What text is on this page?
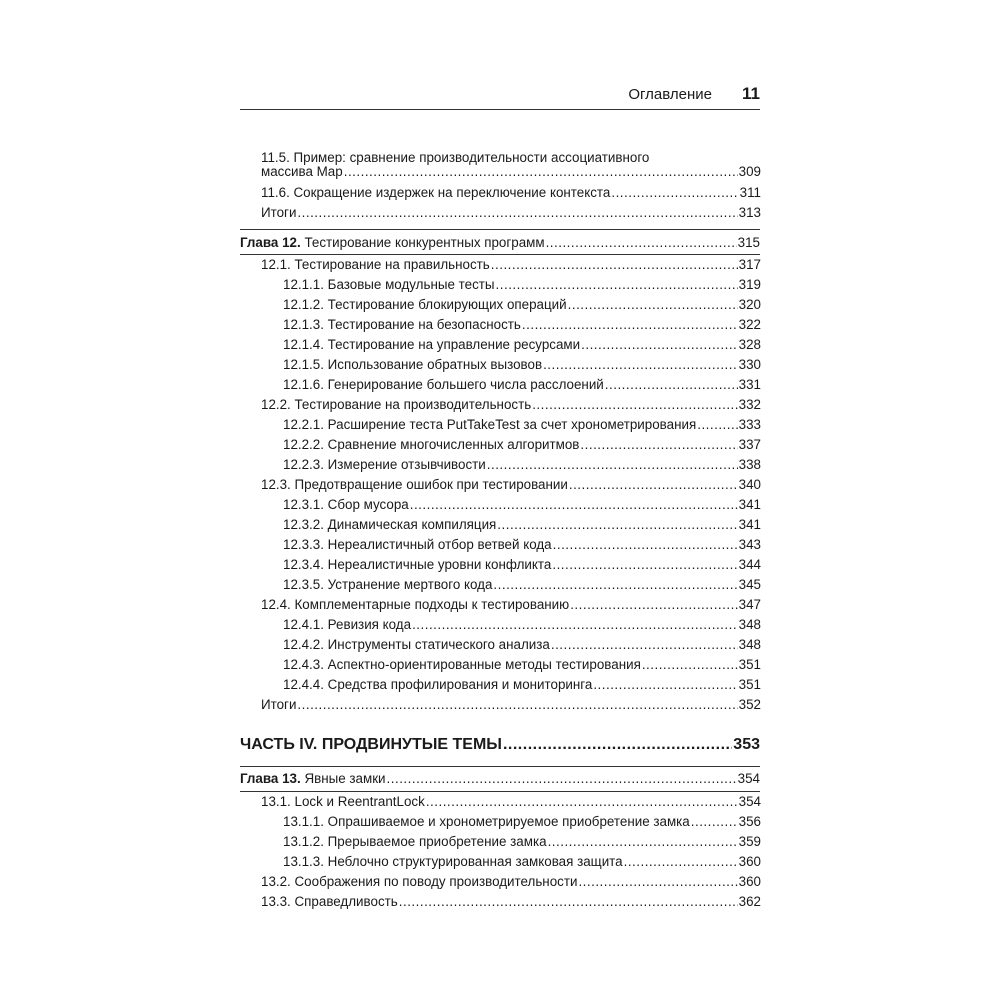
Оглавление 11
11.5. Пример: сравнение производительности ассоциативного
массива Map .....	309
11.6. Сокращение издержек на переключение контекста .....	311
Итоги .....	313
Глава 12. Тестирование конкурентных программ .....	315
12.1. Тестирование на правильность .....	317
12.1.1. Базовые модульные тесты .....	319
12.1.2. Тестирование блокирующих операций .....	320
12.1.3. Тестирование на безопасность .....	322
12.1.4. Тестирование на управление ресурсами .....	328
12.1.5. Использование обратных вызовов .....	330
12.1.6. Генерирование большего числа расслоений .....	331
12.2. Тестирование на производительность .....	332
12.2.1. Расширение теста PutTakeTest за счет хронометрирования .....	333
12.2.2. Сравнение многочисленных алгоритмов .....	337
12.2.3. Измерение отзывчивости .....	338
12.3. Предотвращение ошибок при тестировании .....	340
12.3.1. Сбор мусора .....	341
12.3.2. Динамическая компиляция .....	341
12.3.3. Нереалистичный отбор ветвей кода .....	343
12.3.4. Нереалистичные уровни конфликта .....	344
12.3.5. Устранение мертвого кода .....	345
12.4. Комплементарные подходы к тестированию .....	347
12.4.1. Ревизия кода .....	348
12.4.2. Инструменты статического анализа .....	348
12.4.3. Аспектно-ориентированные методы тестирования .....	351
12.4.4. Средства профилирования и мониторинга .....	351
Итоги .....	352
ЧАСТЬ IV. ПРОДВИНУТЫЕ ТЕМЫ .....	353
Глава 13. Явные замки .....	354
13.1. Lock и ReentrantLock .....	354
13.1.1. Опрашиваемое и хронометрируемое приобретение замка .....	356
13.1.2. Прерываемое приобретение замка .....	359
13.1.3. Неблочно структурированная замковая защита .....	360
13.2. Соображения по поводу производительности .....	360
13.3. Справедливость .....	362
